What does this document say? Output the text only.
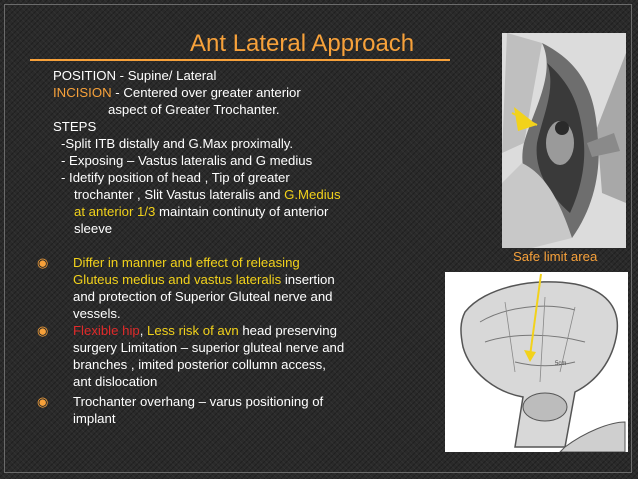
Ant Lateral Approach
POSITION - Supine/ Lateral
INCISION - Centered over greater anterior
aspect of Greater Trochanter.
STEPS
-Split ITB distally and G.Max proximally.
- Exposing – Vastus lateralis and G medius
- Idetify position of head , Tip of greater
trochanter , Slit Vastus lateralis and G.Medius
at anterior 1/3 maintain continuty of anterior
sleeve
◉ Differ in manner and effect of releasing
Gluteus medius and vastus lateralis insertion
and protection of Superior Gluteal nerve and
vessels.
◉ Flexible hip, Less risk of avn head preserving
surgery Limitation – superior gluteal nerve and
branches , imited posterior collumn access,
ant dislocation
◉ Trochanter overhang – varus positioning of
implant
5cm
Safe limit area
